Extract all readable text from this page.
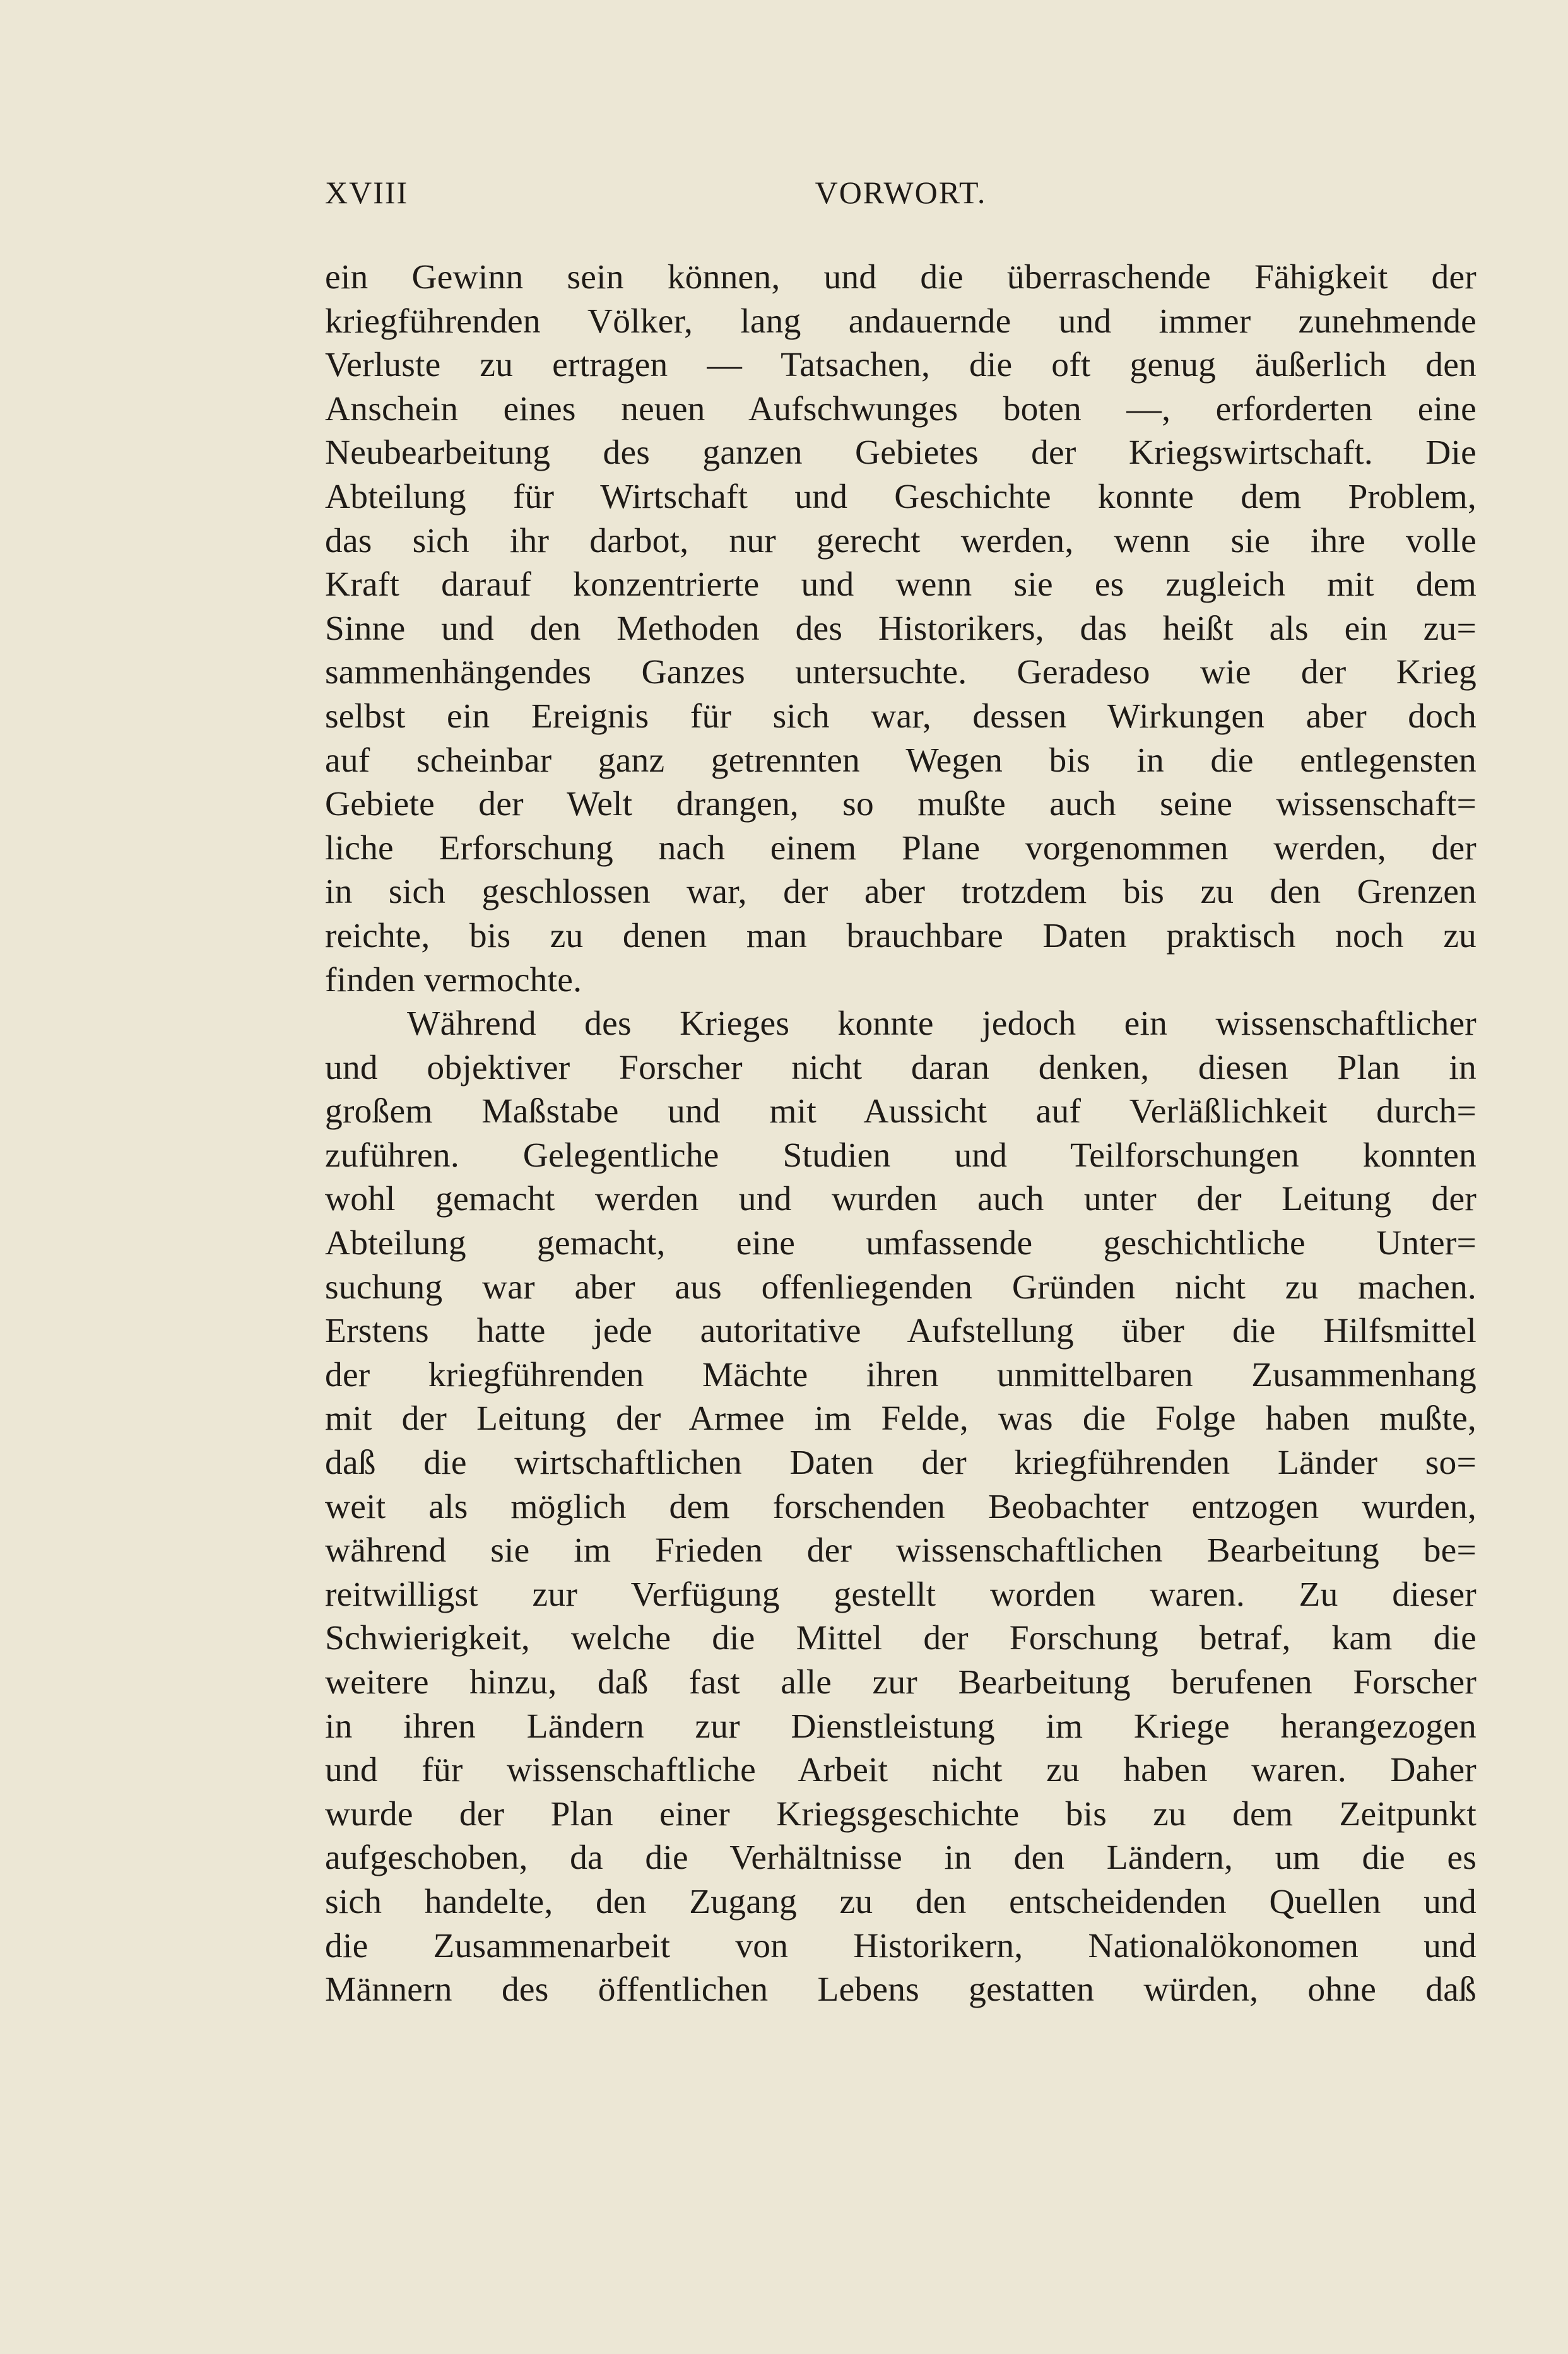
XVIII	VORWORT.
ein Gewinn sein können, und die überraschende Fähigkeit der
kriegführenden Völker, lang andauernde und immer zunehmende
Verluste zu ertragen — Tatsachen, die oft genug äußerlich den
Anschein eines neuen Aufschwunges boten —, erforderten eine
Neubearbeitung des ganzen Gebietes der Kriegswirtschaft. Die
Abteilung für Wirtschaft und Geschichte konnte dem Problem,
das sich ihr darbot, nur gerecht werden, wenn sie ihre volle
Kraft darauf konzentrierte und wenn sie es zugleich mit dem
Sinne und den Methoden des Historikers, das heißt als ein zu=
sammenhängendes Ganzes untersuchte. Geradeso wie der Krieg
selbst ein Ereignis für sich war, dessen Wirkungen aber doch
auf scheinbar ganz getrennten Wegen bis in die entlegensten
Gebiete der Welt drangen, so mußte auch seine wissenschaft=
liche Erforschung nach einem Plane vorgenommen werden, der
in sich geschlossen war, der aber trotzdem bis zu den Grenzen
reichte, bis zu denen man brauchbare Daten praktisch noch zu
finden vermochte.
Während des Krieges konnte jedoch ein wissenschaftlicher
und objektiver Forscher nicht daran denken, diesen Plan in
großem Maßstabe und mit Aussicht auf Verläßlichkeit durch=
zuführen. Gelegentliche Studien und Teilforschungen konnten
wohl gemacht werden und wurden auch unter der Leitung der
Abteilung gemacht, eine umfassende geschichtliche Unter=
suchung war aber aus offenliegenden Gründen nicht zu machen.
Erstens hatte jede autoritative Aufstellung über die Hilfsmittel
der kriegführenden Mächte ihren unmittelbaren Zusammenhang
mit der Leitung der Armee im Felde, was die Folge haben mußte,
daß die wirtschaftlichen Daten der kriegführenden Länder so=
weit als möglich dem forschenden Beobachter entzogen wurden,
während sie im Frieden der wissenschaftlichen Bearbeitung be=
reitwilligst zur Verfügung gestellt worden waren. Zu dieser
Schwierigkeit, welche die Mittel der Forschung betraf, kam die
weitere hinzu, daß fast alle zur Bearbeitung berufenen Forscher
in ihren Ländern zur Dienstleistung im Kriege herangezogen
und für wissenschaftliche Arbeit nicht zu haben waren. Daher
wurde der Plan einer Kriegsgeschichte bis zu dem Zeitpunkt
aufgeschoben, da die Verhältnisse in den Ländern, um die es
sich handelte, den Zugang zu den entscheidenden Quellen und
die Zusammenarbeit von Historikern, Nationalökonomen und
Männern des öffentlichen Lebens gestatten würden, ohne daß
